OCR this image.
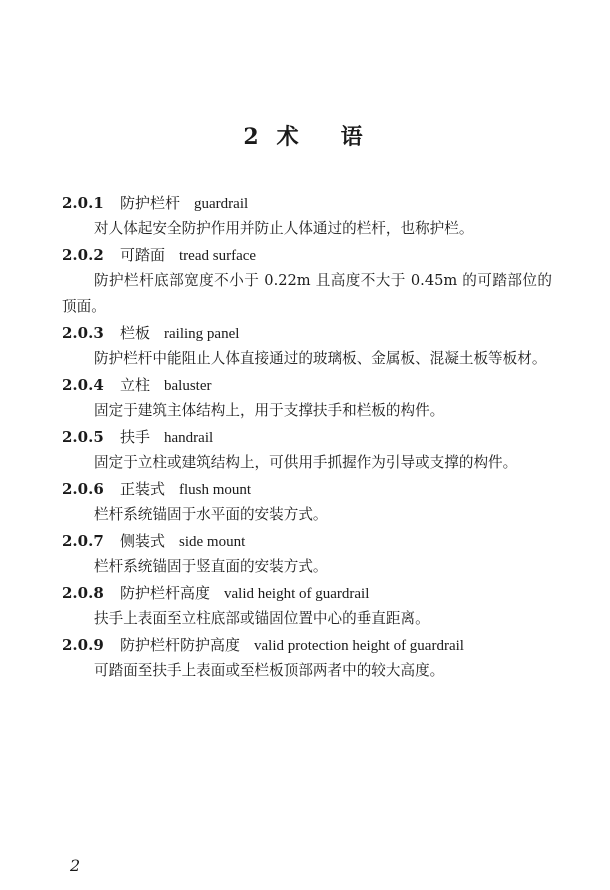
2 术 语
2.0.1 防护栏杆 guardrail

对人体起安全防护作用并防止人体通过的栏杆，也称护栏。

2.0.2 可踏面 tread surface

防护栏杆底部宽度不小于 0.22m 且高度不大于 0.45m 的可踏部位的顶面。

2.0.3 栏板 railing panel

防护栏杆中能阻止人体直接通过的玻璃板、金属板、混凝土板等板材。

2.0.4 立柱 baluster

固定于建筑主体结构上，用于支撑扶手和栏板的构件。

2.0.5 扶手 handrail

固定于立柱或建筑结构上，可供用手抓握作为引导或支撑的构件。

2.0.6 正装式 flush mount

栏杆系统锚固于水平面的安装方式。

2.0.7 侧装式 side mount

栏杆系统锚固于竖直面的安装方式。

2.0.8 防护栏杆高度 valid height of guardrail

扶手上表面至立柱底部或锚固位置中心的垂直距离。

2.0.9 防护栏杆防护高度 valid protection height of guardrail

可踏面至扶手上表面或至栏板顶部两者中的较大高度。

2
